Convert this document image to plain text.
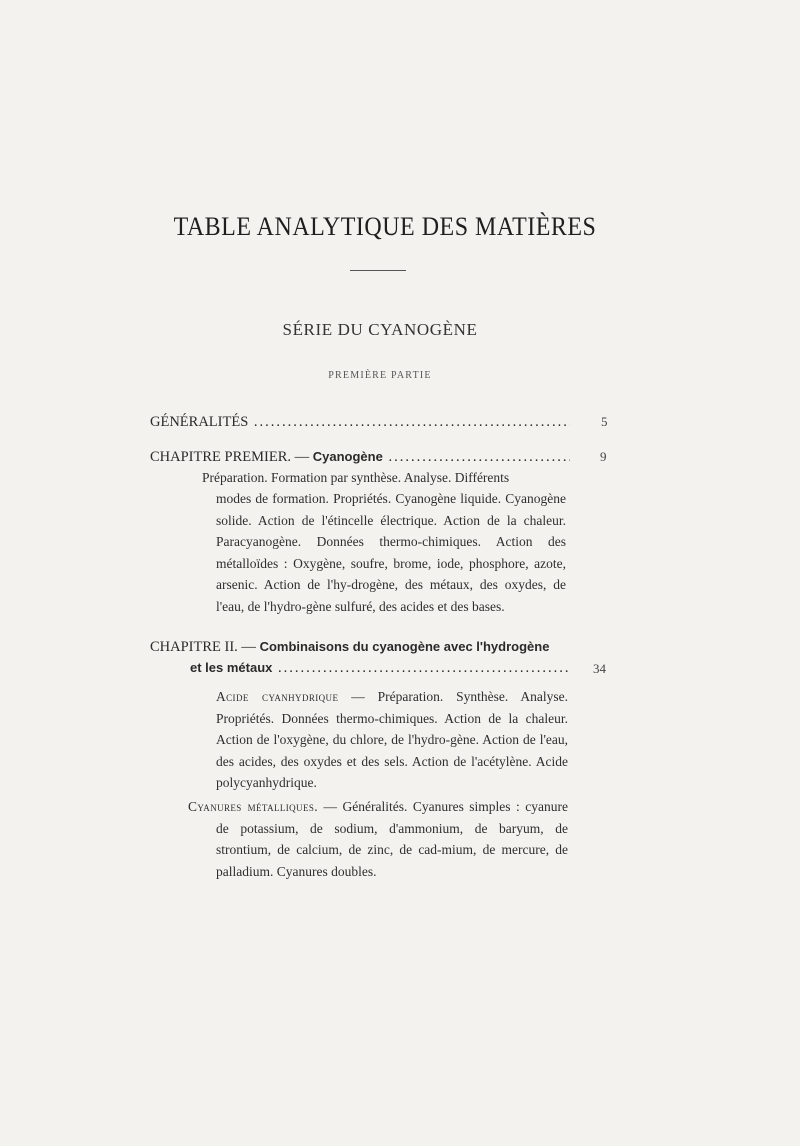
TABLE ANALYTIQUE DES MATIÈRES
SÉRIE DU CYANOGÈNE
PREMIÈRE PARTIE
GÉNÉRALITÉS .....	5
CHAPITRE PREMIER. — Cyanogène .....	9
Préparation. Formation par synthèse. Analyse. Différents
modes de formation. Propriétés. Cyanogène liquide. Cyanogène solide. Action de l'étincelle électrique. Action de la chaleur. Paracyanogène. Données thermo-chimiques. Action des métalloïdes : Oxygène, soufre, brome, iode, phosphore, azote, arsenic. Action de l'hy-drogène, des métaux, des oxydes, de l'eau, de l'hydro-gène sulfuré, des acides et des bases.
CHAPITRE II. — Combinaisons du cyanogène avec l'hydrogène
et les métaux .....	34
Acide cyanhydrique — Préparation. Synthèse. Analyse. Propriétés. Données thermo-chimiques. Action de la chaleur. Action de l'oxygène, du chlore, de l'hydro-gène. Action de l'eau, des acides, des oxydes et des sels. Action de l'acétylène. Acide polycyanhydrique.
Cyanures métalliques. — Généralités. Cyanures simples : cyanure de potassium, de sodium, d'ammonium, de baryum, de strontium, de calcium, de zinc, de cad-mium, de mercure, de palladium. Cyanures doubles.
